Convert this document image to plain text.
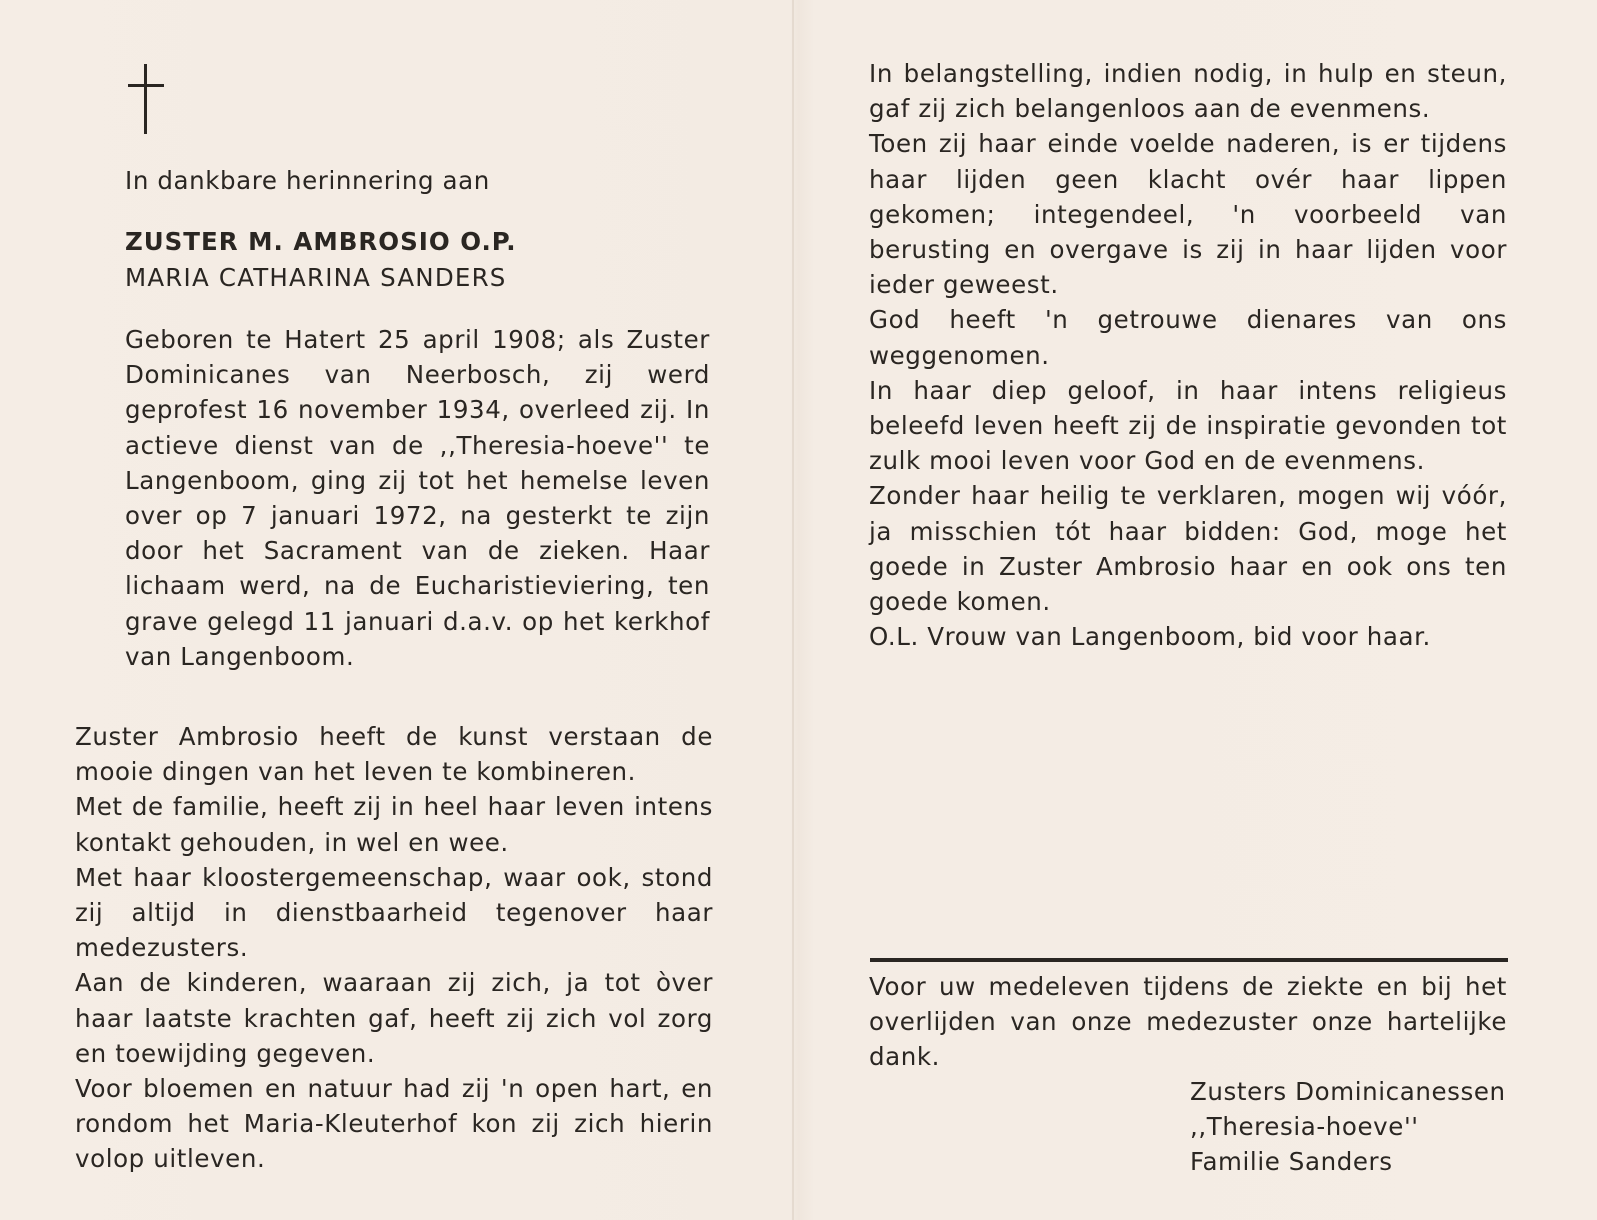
In dankbare herinnering aan
ZUSTER M. AMBROSIO O.P.
MARIA CATHARINA SANDERS

Geboren te Hatert 25 april 1908; als Zuster Dominicanes van Neerbosch, zij werd geprofest 16 november 1934, overleed zij. In actieve dienst van de ,,Theresia-hoeve'' te Langenboom, ging zij tot het hemelse leven over op 7 januari 1972, na gesterkt te zijn door het Sacrament van de zieken. Haar lichaam werd, na de Eucharistieviering, ten grave gelegd 11 januari d.a.v. op het kerkhof van Langenboom.

Zuster Ambrosio heeft de kunst verstaan de mooie dingen van het leven te kombineren.

Met de familie, heeft zij in heel haar leven intens kontakt gehouden, in wel en wee.

Met haar kloostergemeenschap, waar ook, stond zij altijd in dienstbaarheid tegenover haar medezusters.

Aan de kinderen, waaraan zij zich, ja tot òver haar laatste krachten gaf, heeft zij zich vol zorg en toewijding gegeven.

Voor bloemen en natuur had zij 'n open hart, en rondom het Maria-Kleuterhof kon zij zich hierin volop uitleven.

In belangstelling, indien nodig, in hulp en steun, gaf zij zich belangenloos aan de evenmens.

Toen zij haar einde voelde naderen, is er tijdens haar lijden geen klacht ovér haar lippen gekomen; integendeel, 'n voorbeeld van berusting en overgave is zij in haar lijden voor ieder geweest.

God heeft 'n getrouwe dienares van ons weggenomen.

In haar diep geloof, in haar intens religieus beleefd leven heeft zij de inspiratie gevonden tot zulk mooi leven voor God en de evenmens.

Zonder haar heilig te verklaren, mogen wij vóór, ja misschien tót haar bidden: God, moge het goede in Zuster Ambrosio haar en ook ons ten goede komen.

O.L. Vrouw van Langenboom, bid voor haar.

Voor uw medeleven tijdens de ziekte en bij het overlijden van onze medezuster onze hartelijke dank.

Zusters Dominicanessen
,,Theresia-hoeve''
Familie Sanders
